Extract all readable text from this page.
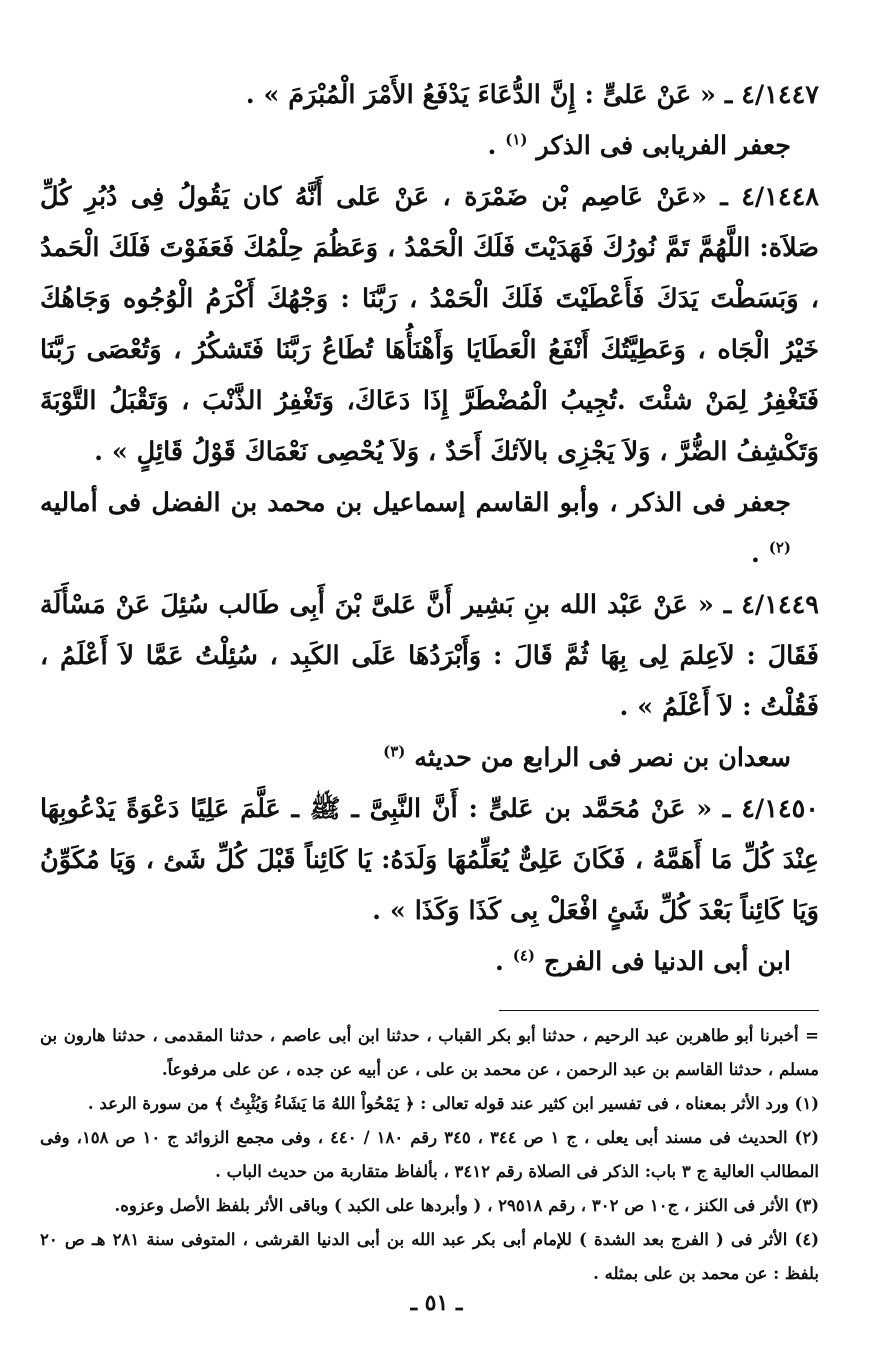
٤/١٤٤٧ ـ « عَنْ عَلىٍّ : إِنَّ الدُّعَاءَ يَدْفَعُ الأَمْرَ الْمُبْرَمَ » .

جعفر الفريابى فى الذكر $^{(١)}$ .

٤/١٤٤٨ ـ «عَنْ عَاصِم بْن ضَمْرَة ، عَنْ عَلى أَنَّهُ كان يَقُولُ فِى دُبُرِ كُلِّ صَلاَة: اللَّهُمَّ تَمَّ نُورُكَ فَهَدَيْتَ فَلَكَ الْحَمْدُ ، وَعَظُمَ حِلْمُكَ فَعَفَوْتَ فَلَكَ الْحَمدُ ، وَبَسَطْتَ يَدَكَ فَأَعْطَيْتَ فَلَكَ الْحَمْدُ ، رَبَّنَا : وَجْهُكَ أَكْرَمُ الْوُجُوه وَجَاهُكَ خَيْرُ الْجَاه ، وَعَطِيَّتُكَ أَنْفَعُ الْعَطَايَا وَأَهْنَأُهَا تُطَاعُ رَبَّنَا فَتَشكُرُ ، وَتُعْصَى رَبَّنَا فَتَغْفِرُ لِمَنْ شئْتَ .تُجِيبُ الْمُضْطَرَّ إِذَا دَعَاكَ، وَتَغْفِرُ الذَّنْبَ ، وَتَقْبَلُ التَّوْبَةَ وَتَكْشِفُ الضُّرَّ ، وَلاَ يَجْزِى بالآئكَ أَحَدٌ ، وَلاَ يُحْصِى نَعْمَاكَ قَوْلُ قَائِلٍ » .

جعفر فى الذكر ، وأبو القاسم إسماعيل بن محمد بن الفضل فى أماليه $^{(٢)}$ .

٤/١٤٤٩ ـ « عَنْ عَبْد الله بنِ بَشِير أَنَّ عَلىَّ بْنَ أَبِى طَالب سُئِلَ عَنْ مَسْأَلَة فَقَالَ : لاَعِلمَ لِى بِهَا ثُمَّ قَالَ : وَأَبْرَدُهَا عَلَى الكَبِد ، سُئِلْتُ عَمَّا لاَ أَعْلَمُ ، فَقُلْتُ : لاَ أَعْلَمُ » .

سعدان بن نصر فى الرابع من حديثه $^{(٣)}$

٤/١٤٥٠ ـ « عَنْ مُحَمَّد بن عَلىٍّ : أَنَّ النَّبِىَّ ـ ﷺ ـ عَلَّمَ عَلِيًا دَعْوَةً يَدْعُوبِهَا عِنْدَ كُلِّ مَا أَهَمَّهُ ، فَكَانَ عَلِىٌّ يُعَلِّمُهَا وَلَدَهُ: يَا كَائِناً قَبْلَ كُلِّ شَئ ، وَيَا مُكَوِّنُ وَيَا كَائِناً بَعْدَ كُلِّ شَئٍ افْعَلْ بِى كَذَا وَكَذَا » .

ابن أبى الدنيا فى الفرج $^{(٤)}$ .

= أخبرنا أبو طاهربن عبد الرحيم ، حدثنا أبو بكر القباب ، حدثنا ابن أبى عاصم ، حدثنا المقدمى ، حدثنا هارون بن مسلم ، حدثنا القاسم بن عبد الرحمن ، عن محمد بن على ، عن أبيه عن جده ، عن على مرفوعاً.

(١) ورد الأثر بمعناه ، فى تفسير ابن كثير عند قوله تعالى : ﴿ يَمْحُواْ اللهُ مَا يَشَاءُ وَيُثْبِتُ ﴾ من سورة الرعد .

(٢) الحديث فى مسند أبى يعلى ، ج ١ ص ٣٤٤ ، ٣٤٥ رقم ١٨٠ / ٤٤٠ ، وفى مجمع الزوائد ج ١٠ ص ١٥٨، وفى المطالب العالية ج ٣ باب: الذكر فى الصلاة رقم ٣٤١٢ ، بألفاظ متقاربة من حديث الباب .

(٣) الأثر فى الكنز ، ج١٠ ص ٣٠٢ ، رقم ٢٩٥١٨ ، ( وأبردها على الكبد ) وباقى الأثر بلفظ الأصل وعزوه.

(٤) الأثر فى ( الفرج بعد الشدة ) للإمام أبى بكر عبد الله بن أبى الدنيا القرشى ، المتوفى سنة ٢٨١ هـ ص ٢٠ بلفظ : عن محمد بن على بمثله .

ـ ٥١ ـ
